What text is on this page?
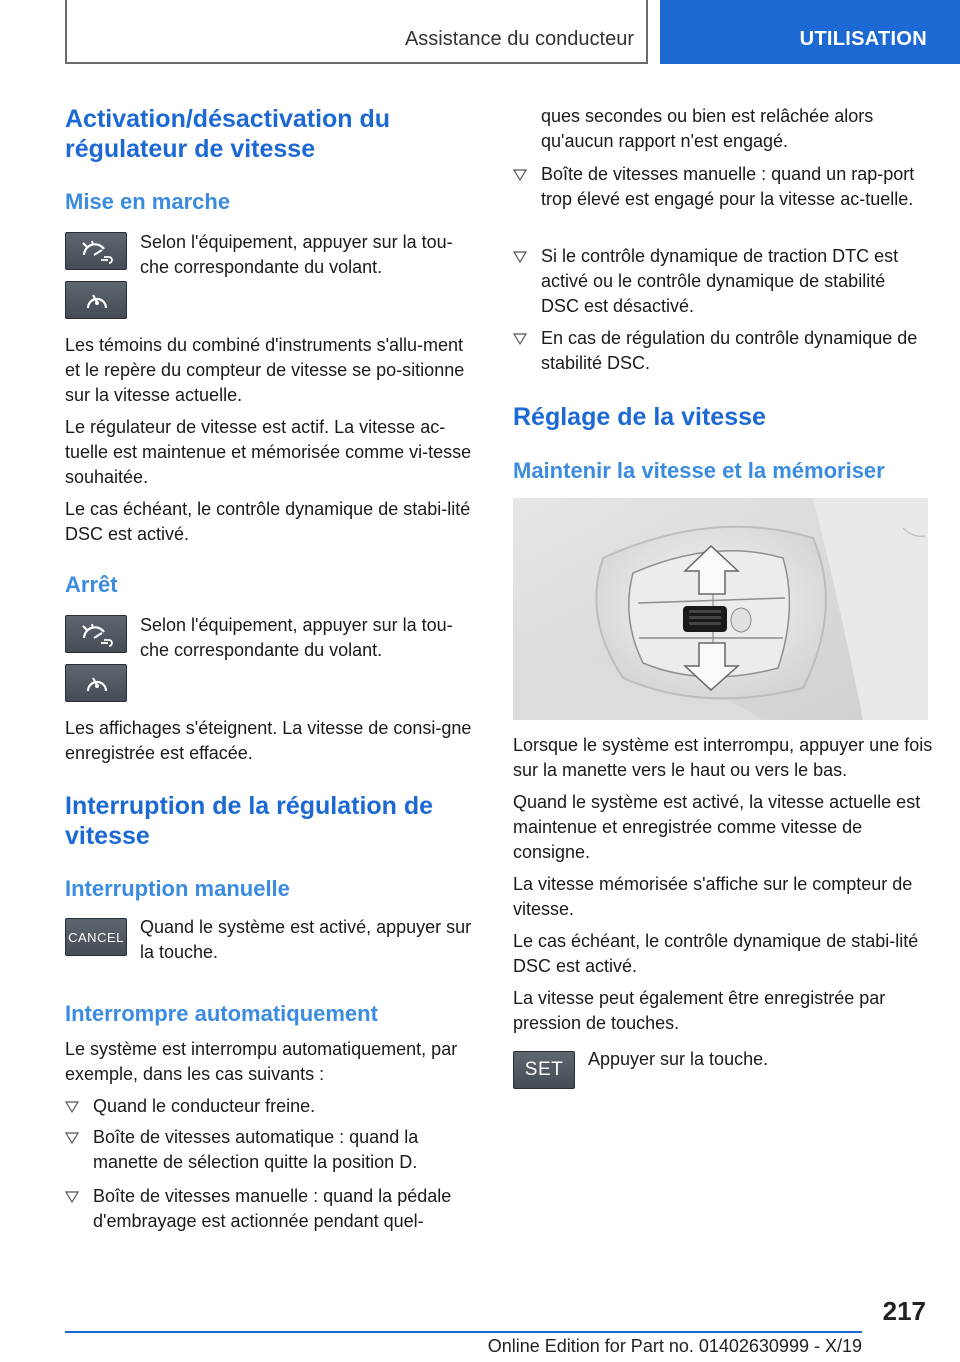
Assistance du conducteur	UTILISATION
Activation/désactivation du régulateur de vitesse
Mise en marche
Selon l'équipement, appuyer sur la tou-che correspondante du volant.
Les témoins du combiné d'instruments s'allu-ment et le repère du compteur de vitesse se po-sitionne sur la vitesse actuelle.
Le régulateur de vitesse est actif. La vitesse ac-tuelle est maintenue et mémorisée comme vi-tesse souhaitée.
Le cas échéant, le contrôle dynamique de stabi-lité DSC est activé.
Arrêt
Selon l'équipement, appuyer sur la tou-che correspondante du volant.
Les affichages s'éteignent. La vitesse de consi-gne enregistrée est effacée.
Interruption de la régulation de vitesse
Interruption manuelle
CANCEL Quand le système est activé, appuyer sur la touche.
Interrompre automatiquement
Le système est interrompu automatiquement, par exemple, dans les cas suivants :
Quand le conducteur freine.
Boîte de vitesses automatique : quand la manette de sélection quitte la position D.
Boîte de vitesses manuelle : quand la pédale d'embrayage est actionnée pendant quel-
ques secondes ou bien est relâchée alors qu'aucun rapport n'est engagé.
Boîte de vitesses manuelle : quand un rap-port trop élevé est engagé pour la vitesse ac-tuelle.
Si le contrôle dynamique de traction DTC est activé ou le contrôle dynamique de stabilité DSC est désactivé.
En cas de régulation du contrôle dynamique de stabilité DSC.
Réglage de la vitesse
Maintenir la vitesse et la mémoriser
Lorsque le système est interrompu, appuyer une fois sur la manette vers le haut ou vers le bas.
Quand le système est activé, la vitesse actuelle est maintenue et enregistrée comme vitesse de consigne.
La vitesse mémorisée s'affiche sur le compteur de vitesse.
Le cas échéant, le contrôle dynamique de stabi-lité DSC est activé.
La vitesse peut également être enregistrée par pression de touches.
SET	Appuyer sur la touche.
217
Online Edition for Part no. 01402630999 - X/19
